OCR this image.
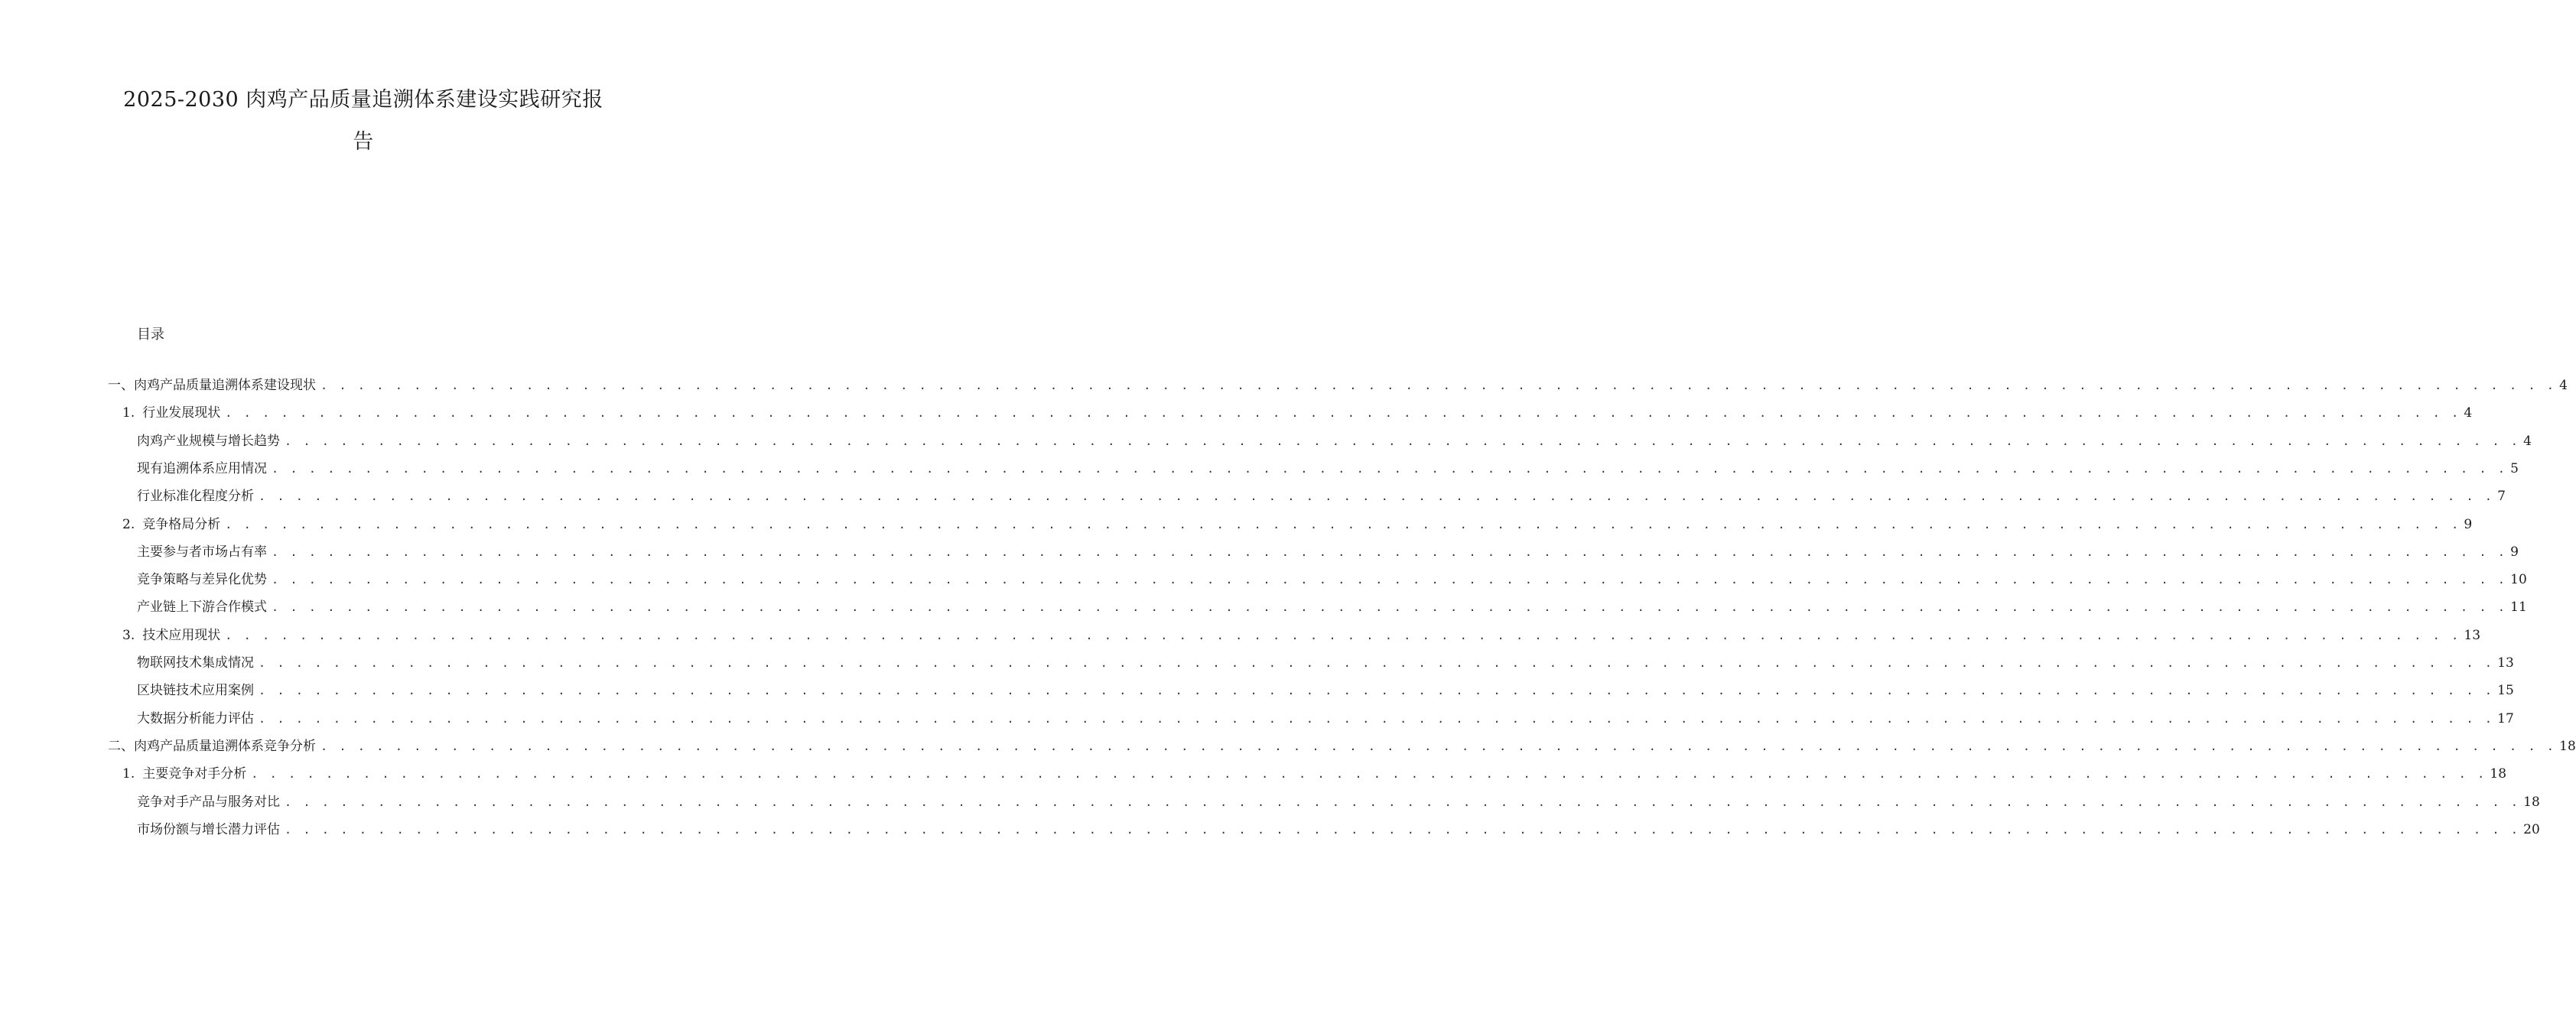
2025-2030 肉鸡产品质量追溯体系建设实践研究报
告
目录
一、肉鸡产品质量追溯体系建设现状 . . . . . . . . . . . . . . . . . . . . . . . . . . . . . . . . . . . . . . . . . . . . . . . . . . . . . . . . . . . . . . . . . . . . . . . . . . . . . . . . . . . . . . . . . . . . . . . . . . . . . . . . . . . . . . . . . . . . . . . . 4
1. 行业发展现状 . . . . . . . . . . . . . . . . . . . . . . . . . . . . . . . . . . . . . . . . . . . . . . . . . . . . . . . . . . . . . . . . . . . . . . . . . . . . . . . . . . . . . . . . . . . . . . . . . . . . . . . . . . . . . . . . . . . . . . . . 4
肉鸡产业规模与增长趋势 . . . . . . . . . . . . . . . . . . . . . . . . . . . . . . . . . . . . . . . . . . . . . . . . . . . . . . . . . . . . . . . . . . . . . . . . . . . . . . . . . . . . . . . . . . . . . . . . . . . . . . . . . . . . . . . . . . . . . . . . 4
现有追溯体系应用情况 . . . . . . . . . . . . . . . . . . . . . . . . . . . . . . . . . . . . . . . . . . . . . . . . . . . . . . . . . . . . . . . . . . . . . . . . . . . . . . . . . . . . . . . . . . . . . . . . . . . . . . . . . . . . . . . . . . . . . . . . 5
行业标准化程度分析 . . . . . . . . . . . . . . . . . . . . . . . . . . . . . . . . . . . . . . . . . . . . . . . . . . . . . . . . . . . . . . . . . . . . . . . . . . . . . . . . . . . . . . . . . . . . . . . . . . . . . . . . . . . . . . . . . . . . . . . . 7
2. 竞争格局分析 . . . . . . . . . . . . . . . . . . . . . . . . . . . . . . . . . . . . . . . . . . . . . . . . . . . . . . . . . . . . . . . . . . . . . . . . . . . . . . . . . . . . . . . . . . . . . . . . . . . . . . . . . . . . . . . . . . . . . . . . 9
主要参与者市场占有率 . . . . . . . . . . . . . . . . . . . . . . . . . . . . . . . . . . . . . . . . . . . . . . . . . . . . . . . . . . . . . . . . . . . . . . . . . . . . . . . . . . . . . . . . . . . . . . . . . . . . . . . . . . . . . . . . . . . . . . . . 9
竞争策略与差异化优势 . . . . . . . . . . . . . . . . . . . . . . . . . . . . . . . . . . . . . . . . . . . . . . . . . . . . . . . . . . . . . . . . . . . . . . . . . . . . . . . . . . . . . . . . . . . . . . . . . . . . . . . . . . . . . . . . . . . . . . . . 10
产业链上下游合作模式 . . . . . . . . . . . . . . . . . . . . . . . . . . . . . . . . . . . . . . . . . . . . . . . . . . . . . . . . . . . . . . . . . . . . . . . . . . . . . . . . . . . . . . . . . . . . . . . . . . . . . . . . . . . . . . . . . . . . . . . . 11
3. 技术应用现状 . . . . . . . . . . . . . . . . . . . . . . . . . . . . . . . . . . . . . . . . . . . . . . . . . . . . . . . . . . . . . . . . . . . . . . . . . . . . . . . . . . . . . . . . . . . . . . . . . . . . . . . . . . . . . . . . . . . . . . . . 13
物联网技术集成情况 . . . . . . . . . . . . . . . . . . . . . . . . . . . . . . . . . . . . . . . . . . . . . . . . . . . . . . . . . . . . . . . . . . . . . . . . . . . . . . . . . . . . . . . . . . . . . . . . . . . . . . . . . . . . . . . . . . . . . . . . 13
区块链技术应用案例 . . . . . . . . . . . . . . . . . . . . . . . . . . . . . . . . . . . . . . . . . . . . . . . . . . . . . . . . . . . . . . . . . . . . . . . . . . . . . . . . . . . . . . . . . . . . . . . . . . . . . . . . . . . . . . . . . . . . . . . . 15
大数据分析能力评估 . . . . . . . . . . . . . . . . . . . . . . . . . . . . . . . . . . . . . . . . . . . . . . . . . . . . . . . . . . . . . . . . . . . . . . . . . . . . . . . . . . . . . . . . . . . . . . . . . . . . . . . . . . . . . . . . . . . . . . . . 17
二、肉鸡产品质量追溯体系竞争分析 . . . . . . . . . . . . . . . . . . . . . . . . . . . . . . . . . . . . . . . . . . . . . . . . . . . . . . . . . . . . . . . . . . . . . . . . . . . . . . . . . . . . . . . . . . . . . . . . . . . . . . . . . . . . . . . . . . . . . . . . 18
1. 主要竞争对手分析 . . . . . . . . . . . . . . . . . . . . . . . . . . . . . . . . . . . . . . . . . . . . . . . . . . . . . . . . . . . . . . . . . . . . . . . . . . . . . . . . . . . . . . . . . . . . . . . . . . . . . . . . . . . . . . . . . . . . . . . . 18
竞争对手产品与服务对比 . . . . . . . . . . . . . . . . . . . . . . . . . . . . . . . . . . . . . . . . . . . . . . . . . . . . . . . . . . . . . . . . . . . . . . . . . . . . . . . . . . . . . . . . . . . . . . . . . . . . . . . . . . . . . . . . . . . . . . . . 18
市场份额与增长潜力评估 . . . . . . . . . . . . . . . . . . . . . . . . . . . . . . . . . . . . . . . . . . . . . . . . . . . . . . . . . . . . . . . . . . . . . . . . . . . . . . . . . . . . . . . . . . . . . . . . . . . . . . . . . . . . . . . . . . . . . . . . 20
